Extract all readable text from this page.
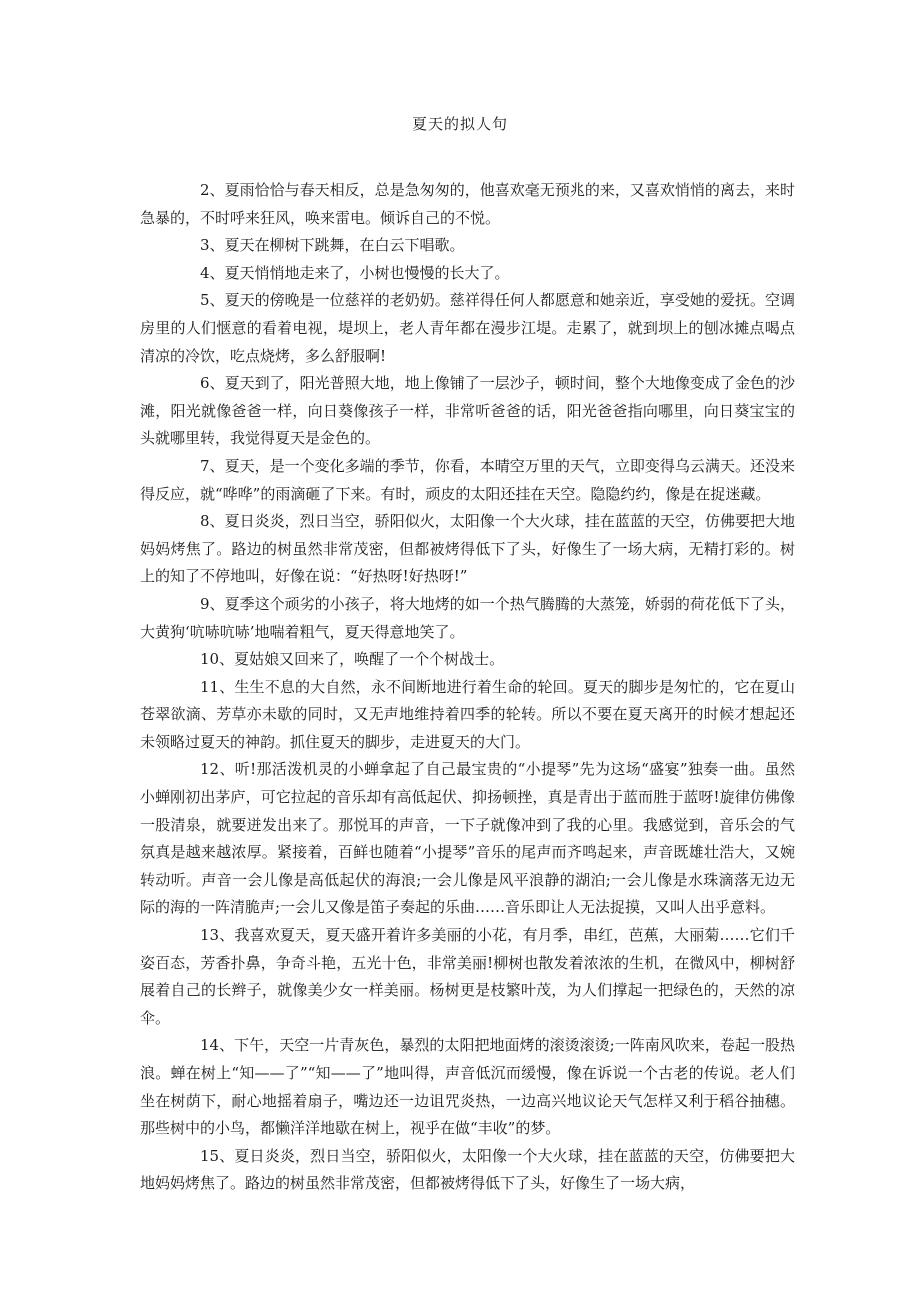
夏天的拟人句

2、夏雨恰恰与春天相反，总是急匆匆的，他喜欢毫无预兆的来，又喜欢悄悄的离去，来时急暴的，不时呼来狂风，唤来雷电。倾诉自己的不悦。

3、夏天在柳树下跳舞，在白云下唱歌。

4、夏天悄悄地走来了，小树也慢慢的长大了。

5、夏天的傍晚是一位慈祥的老奶奶。慈祥得任何人都愿意和她亲近，享受她的爱抚。空调房里的人们惬意的看着电视，堤坝上，老人青年都在漫步江堤。走累了，就到坝上的刨冰摊点喝点清凉的冷饮，吃点烧烤，多么舒服啊!

6、夏天到了，阳光普照大地，地上像铺了一层沙子，顿时间，整个大地像变成了金色的沙滩，阳光就像爸爸一样，向日葵像孩子一样，非常听爸爸的话，阳光爸爸指向哪里，向日葵宝宝的头就哪里转，我觉得夏天是金色的。

7、夏天，是一个变化多端的季节，你看，本晴空万里的天气，立即变得乌云满天。还没来得反应，就“哗哗”的雨滴砸了下来。有时，顽皮的太阳还挂在天空。隐隐约约，像是在捉迷藏。

8、夏日炎炎，烈日当空，骄阳似火，太阳像一个大火球，挂在蓝蓝的天空，仿佛要把大地妈妈烤焦了。路边的树虽然非常茂密，但都被烤得低下了头，好像生了一场大病，无精打彩的。树上的知了不停地叫，好像在说：“好热呀!好热呀!”

9、夏季这个顽劣的小孩子，将大地烤的如一个热气腾腾的大蒸笼，娇弱的荷花低下了头，大黄狗‘吭哧吭哧’地喘着粗气，夏天得意地笑了。

10、夏姑娘又回来了，唤醒了一个个树战士。

11、生生不息的大自然，永不间断地进行着生命的轮回。夏天的脚步是匆忙的，它在夏山苍翠欲滴、芳草亦未歇的同时，又无声地维持着四季的轮转。所以不要在夏天离开的时候才想起还未领略过夏天的神韵。抓住夏天的脚步，走进夏天的大门。

12、听!那活泼机灵的小蝉拿起了自己最宝贵的“小提琴”先为这场“盛宴”独奏一曲。虽然小蝉刚初出茅庐，可它拉起的音乐却有高低起伏、抑扬顿挫，真是青出于蓝而胜于蓝呀!旋律仿佛像一股清泉，就要迸发出来了。那悦耳的声音，一下子就像冲到了我的心里。我感觉到，音乐会的气氛真是越来越浓厚。紧接着，百鲜也随着“小提琴”音乐的尾声而齐鸣起来，声音既雄壮浩大，又婉转动听。声音一会儿像是高低起伏的海浪;一会儿像是风平浪静的湖泊;一会儿像是水珠滴落无边无际的海的一阵清脆声;一会儿又像是笛子奏起的乐曲……音乐即让人无法捉摸，又叫人出乎意料。

13、我喜欢夏天，夏天盛开着许多美丽的小花，有月季，串红，芭蕉，大丽菊……它们千姿百态，芳香扑鼻，争奇斗艳，五光十色，非常美丽!柳树也散发着浓浓的生机，在微风中，柳树舒展着自己的长辫子，就像美少女一样美丽。杨树更是枝繁叶茂，为人们撑起一把绿色的，天然的凉伞。

14、下午，天空一片青灰色，暴烈的太阳把地面烤的滚烫滚烫;一阵南风吹来，卷起一股热浪。蝉在树上“知——了”“知——了”地叫得，声音低沉而缓慢，像在诉说一个古老的传说。老人们坐在树荫下，耐心地摇着扇子，嘴边还一边诅咒炎热，一边高兴地议论天气怎样又利于稻谷抽穗。那些树中的小鸟，都懒洋洋地歇在树上，视乎在做“丰收”的梦。

15、夏日炎炎，烈日当空，骄阳似火，太阳像一个大火球，挂在蓝蓝的天空，仿佛要把大地妈妈烤焦了。路边的树虽然非常茂密，但都被烤得低下了头，好像生了一场大病，
